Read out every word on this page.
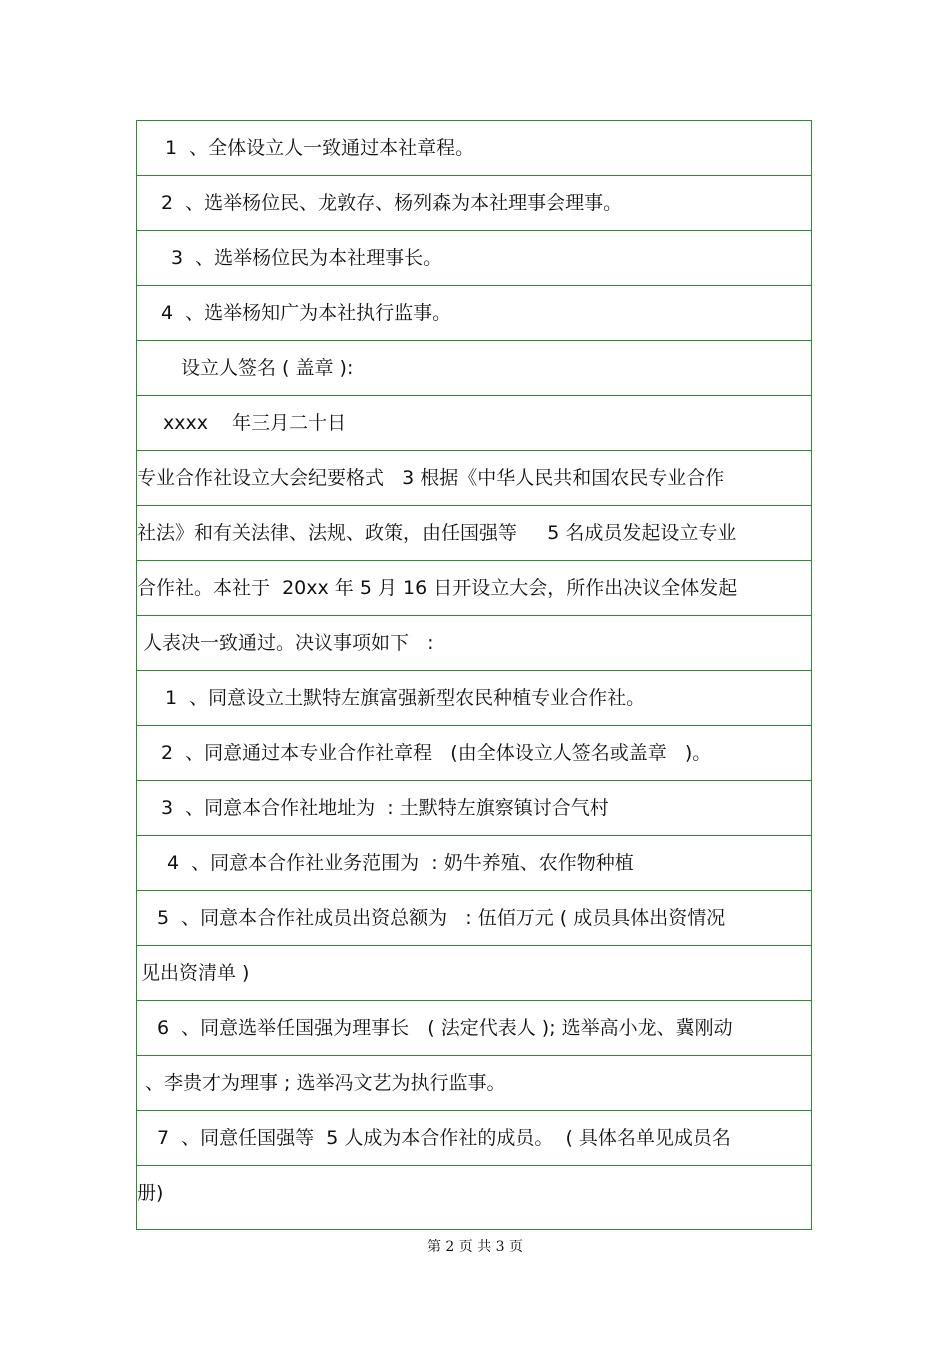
1  、全体设立人一致通过本社章程。
2  、选举杨位民、龙敦存、杨列森为本社理事会理事。
3  、选举杨位民为本社理事长。
4  、选举杨知广为本社执行监事。
设立人签名 ( 盖章 ):
xxxx    年三月二十日
专业合作社设立大会纪要格式   3 根据《中华人民共和国农民专业合作
社法》和有关法律、法规、政策，由任国强等     5 名成员发起设立专业
合作社。本社于  20xx 年 5 月 16 日开设立大会，所作出决议全体发起
人表决一致通过。决议事项如下   :
1  、同意设立土默特左旗富强新型农民种植专业合作社。
2  、同意通过本专业合作社章程   (由全体设立人签名或盖章   )。
3  、同意本合作社地址为  : 土默特左旗察镇讨合气村
4  、同意本合作社业务范围为  : 奶牛养殖、农作物种植
5  、同意本合作社成员出资总额为   : 伍佰万元 ( 成员具体出资情况
见出资清单 )
6  、同意选举任国强为理事长   ( 法定代表人 ); 选举高小龙、冀刚动
、李贵才为理事 ; 选举冯文艺为执行监事。
7  、同意任国强等  5 人成为本合作社的成员。  ( 具体名单见成员名
册)
第 2 页 共 3 页
